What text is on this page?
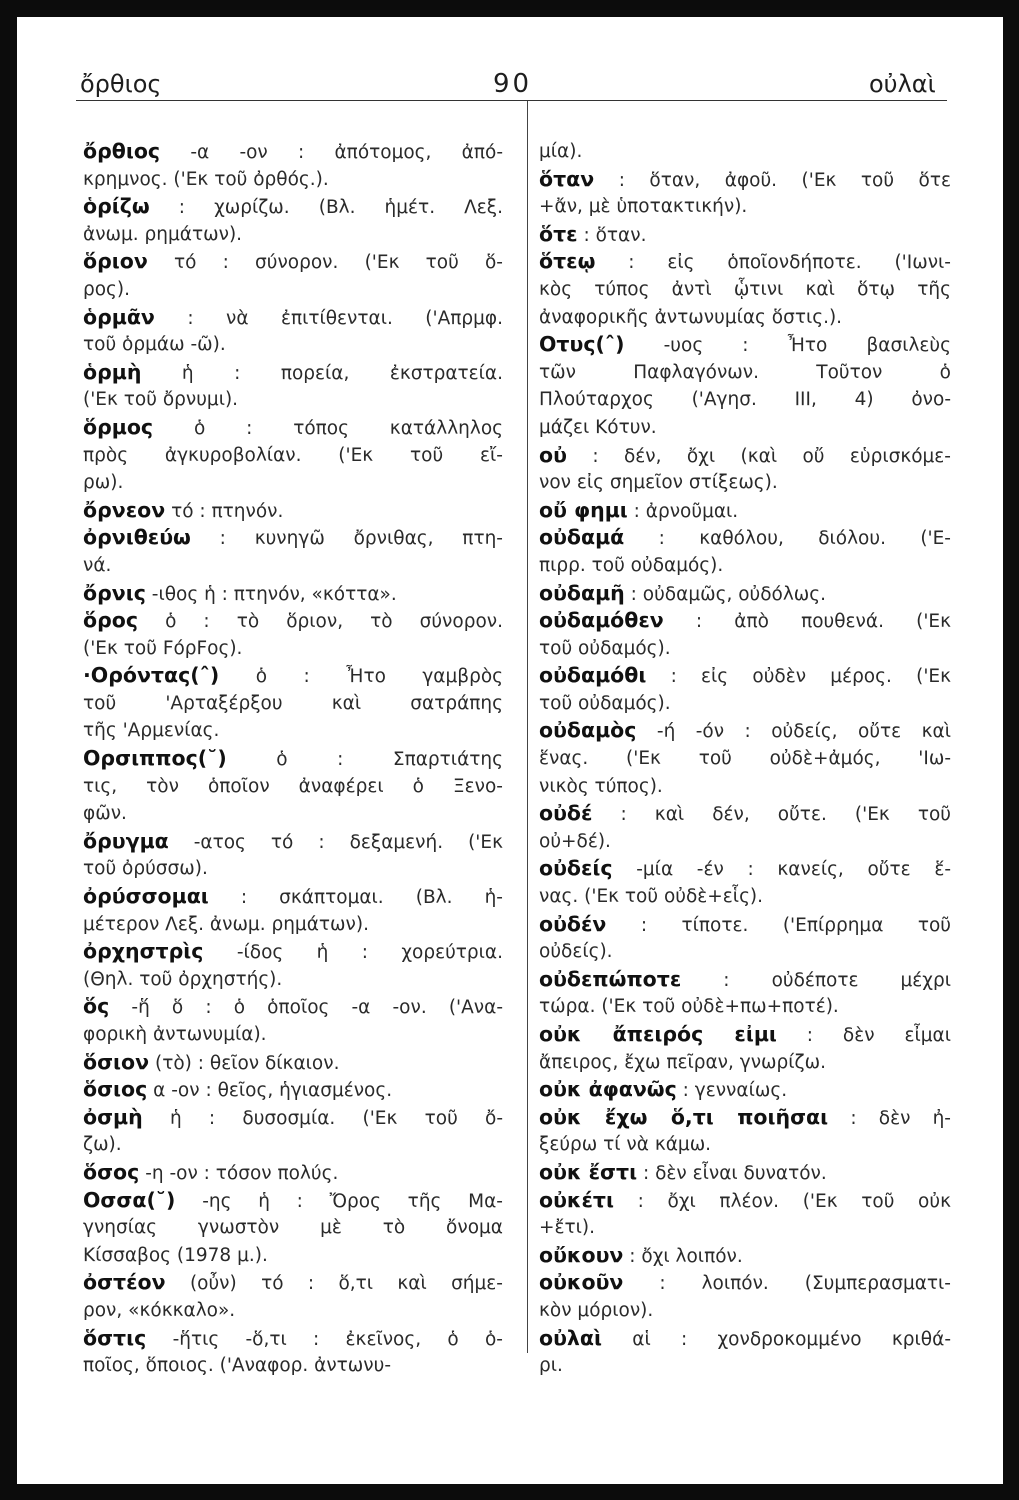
ὄρθιος	90	οὐλαὶ
ὄρθιος -α -ον : ἀπότομος, ἀπό-
κρημνος. ('Εκ τοῦ ὀρθός.).
ὁρίζω : χωρίζω. (Βλ. ἡμέτ. Λεξ.
ἀνωμ. ρημάτων).
ὅριον τό : σύνορον. ('Εκ τοῦ ὅ-
ρος).
ὁρμᾶν : νὰ ἐπιτίθενται. ('Απρμφ.
τοῦ ὁρμάω -ῶ).
ὁρμὴ ἡ : πορεία, ἐκστρατεία.
('Εκ τοῦ ὄρνυμι).
ὅρμος ὁ : τόπος κατάλληλος
πρὸς ἀγκυροβολίαν. ('Εκ τοῦ εἴ-
ρω).
ὄρνεον τό : πτηνόν.
ὀρνιθεύω : κυνηγῶ ὄρνιθας, πτη-
νά.
ὄρνις -ιθος ἡ : πτηνόν, «κόττα».
ὅρος ὁ : τὸ ὅριον, τὸ σύνορον.
('Εκ τοῦ ϜόρϜος).
·Ορόντας(ˆ) ὁ : Ἦτο γαμβρὸς
τοῦ 'Αρταξέρξου καὶ σατράπης
τῆς 'Αρμενίας.
Ορσιππος(˘)	ὁ : Σπαρτιάτης
τις, τὸν ὁποῖον ἀναφέρει ὁ Ξενο-
φῶν.
ὄρυγμα -ατος τό : δεξαμενή. ('Εκ
τοῦ ὀρύσσω).
ὀρύσσομαι : σκάπτομαι. (Βλ. ἡ-
μέτερον Λεξ. ἀνωμ. ρημάτων).
ὀρχηστρὶς -ίδος ἡ : χορεύτρια.
(Θηλ. τοῦ ὀρχηστής).
ὅς -ἥ ὅ : ὁ ὁποῖος -α -ον. ('Ανα-
φορικὴ ἀντωνυμία).
ὅσιον (τὸ) : θεῖον δίκαιον.
ὅσιος α -ον : θεῖος, ἡγιασμένος.
ὀσμὴ ἡ : δυσοσμία. ('Εκ τοῦ ὄ-
ζω).
ὅσος -η -ον : τόσον πολύς.
Οσσα(˘) -ης ἡ : Ὄρος τῆς Μα-
γνησίας γνωστὸν μὲ τὸ ὄνομα
Κίσσαβος (1978 μ.).
ὀστέον (οὖν) τό : ὅ,τι καὶ σήμε-
ρον, «κόκκαλο».
ὅστις -ἥτις -ὅ,τι : ἐκεῖνος, ὁ ὁ-
ποῖος, ὅποιος. ('Αναφορ. ἀντωνυ-
μία).
ὅταν : ὅταν, ἀφοῦ. ('Εκ τοῦ ὅτε
+ἄν, μὲ ὑποτακτικήν).
ὅτε : ὅταν.
ὅτεῳ : εἰς ὁποῖονδήποτε. ('Ιωνι-
κὸς τύπος ἀντὶ ᾧτινι καὶ ὅτῳ τῆς
ἀναφορικῆς ἀντωνυμίας ὅστις.).
Οτυς(ˆ) -υος : Ἦτο βασιλεὺς
τῶν Παφλαγόνων. Τοῦτον ὁ
Πλούταρχος ('Αγησ. ΙΙΙ, 4) ὀνο-
μάζει Κότυν.
οὐ : δέν, ὄχι (καὶ οὔ εὑρισκόμε-
νον εἰς σημεῖον στίξεως).
οὔ φημι : ἀρνοῦμαι.
οὐδαμά : καθόλου, διόλου. ('Ε-
πιρρ. τοῦ οὐδαμός).
οὐδαμῆ : οὐδαμῶς, οὐδόλως.
οὐδαμόθεν : ἀπὸ πουθενά. ('Εκ
τοῦ οὐδαμός).
οὐδαμόθι : εἰς οὐδὲν μέρος. ('Εκ
τοῦ οὐδαμός).
οὐδαμὸς -ή -όν : οὐδείς, οὔτε καὶ
ἕνας. ('Εκ τοῦ οὐδὲ+ἀμός, 'Ιω-
νικὸς τύπος).
οὐδέ : καὶ δέν, οὔτε. ('Εκ τοῦ
οὐ+δέ).
οὐδείς -μία -έν : κανείς, οὔτε ἕ-
νας. ('Εκ τοῦ οὐδὲ+εἷς).
οὐδέν : τίποτε. ('Επίρρημα τοῦ
οὐδείς).
οὐδεπώποτε : οὐδέποτε μέχρι
τώρα. ('Εκ τοῦ οὐδὲ+πω+ποτέ).
οὐκ ἄπειρός εἰμι : δὲν εἶμαι
ἄπειρος, ἔχω πεῖραν, γνωρίζω.
οὐκ ἀφανῶς : γενναίως.
οὐκ ἔχω ὅ,τι ποιῆσαι : δὲν ἠ-
ξεύρω τί νὰ κάμω.
οὐκ ἔστι : δὲν εἶναι δυνατόν.
οὐκέτι : ὄχι πλέον. ('Εκ τοῦ οὐκ
+ἔτι).
οὔκουν : ὄχι λοιπόν.
οὐκοῦν : λοιπόν. (Συμπερασματι-
κὸν μόριον).
οὐλαὶ αἱ : χονδροκομμένο κριθά-
ρι.
